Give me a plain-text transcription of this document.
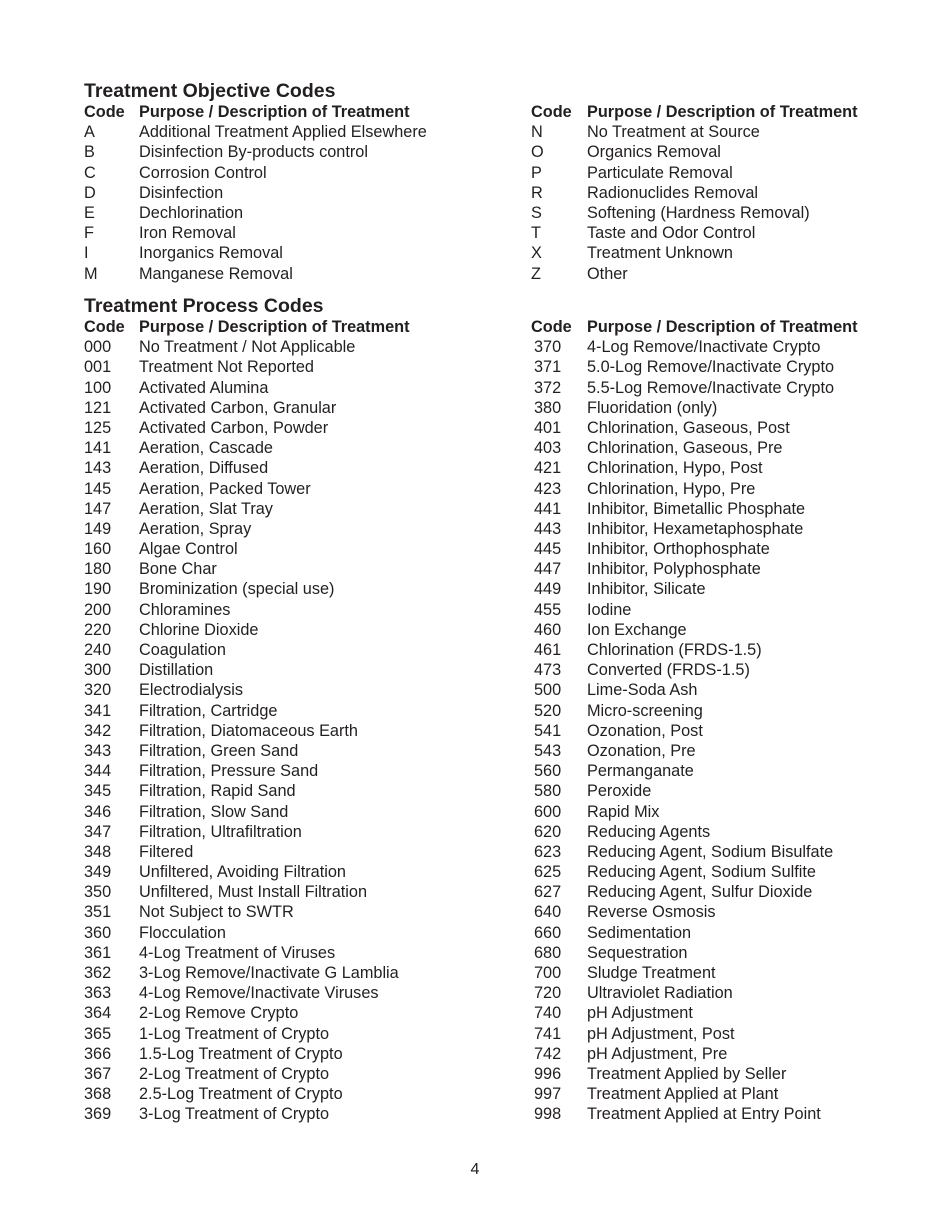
Treatment Objective Codes
Code Purpose / Description of Treatment
A	Additional Treatment Applied Elsewhere
B	Disinfection By-products control
C	Corrosion Control
D	Disinfection
E	Dechlorination
F	Iron Removal
I	Inorganics Removal
M	Manganese Removal
Code Purpose / Description of Treatment
N	No Treatment at Source
O	Organics Removal
P	Particulate Removal
R	Radionuclides Removal
S	Softening (Hardness Removal)
T	Taste and Odor Control
X	Treatment Unknown
Z	Other
Treatment Process Codes
Code Purpose / Description of Treatment
000 No Treatment / Not Applicable
001 Treatment Not Reported
100 Activated Alumina
121 Activated Carbon, Granular
125 Activated Carbon, Powder
141 Aeration, Cascade
143 Aeration, Diffused
145 Aeration, Packed Tower
147 Aeration, Slat Tray
149 Aeration, Spray
160 Algae Control
180 Bone Char
190 Brominization (special use)
200 Chloramines
220 Chlorine Dioxide
240 Coagulation
300 Distillation
320 Electrodialysis
341 Filtration, Cartridge
342 Filtration, Diatomaceous Earth
343 Filtration, Green Sand
344 Filtration, Pressure Sand
345 Filtration, Rapid Sand
346 Filtration, Slow Sand
347 Filtration, Ultrafiltration
348 Filtered
349 Unfiltered, Avoiding Filtration
350 Unfiltered, Must Install Filtration
351 Not Subject to SWTR
360 Flocculation
361 4-Log Treatment of Viruses
362 3-Log Remove/Inactivate G Lamblia
363 4-Log Remove/Inactivate Viruses
364 2-Log Remove Crypto
365 1-Log Treatment of Crypto
366 1.5-Log Treatment of Crypto
367 2-Log Treatment of Crypto
368 2.5-Log Treatment of Crypto
369 3-Log Treatment of Crypto
Code Purpose / Description of Treatment
370 4-Log Remove/Inactivate Crypto
371 5.0-Log Remove/Inactivate Crypto
372 5.5-Log Remove/Inactivate Crypto
380 Fluoridation (only)
401 Chlorination, Gaseous, Post
403 Chlorination, Gaseous, Pre
421 Chlorination, Hypo, Post
423 Chlorination, Hypo, Pre
441 Inhibitor, Bimetallic Phosphate
443 Inhibitor, Hexametaphosphate
445 Inhibitor, Orthophosphate
447 Inhibitor, Polyphosphate
449 Inhibitor, Silicate
455 Iodine
460 Ion Exchange
461 Chlorination (FRDS-1.5)
473 Converted (FRDS-1.5)
500 Lime-Soda Ash
520 Micro-screening
541 Ozonation, Post
543 Ozonation, Pre
560 Permanganate
580 Peroxide
600 Rapid Mix
620 Reducing Agents
623 Reducing Agent, Sodium Bisulfate
625 Reducing Agent, Sodium Sulfite
627 Reducing Agent, Sulfur Dioxide
640 Reverse Osmosis
660 Sedimentation
680 Sequestration
700 Sludge Treatment
720 Ultraviolet Radiation
740 pH Adjustment
741 pH Adjustment, Post
742 pH Adjustment, Pre
996 Treatment Applied by Seller
997 Treatment Applied at Plant
998 Treatment Applied at Entry Point
4
